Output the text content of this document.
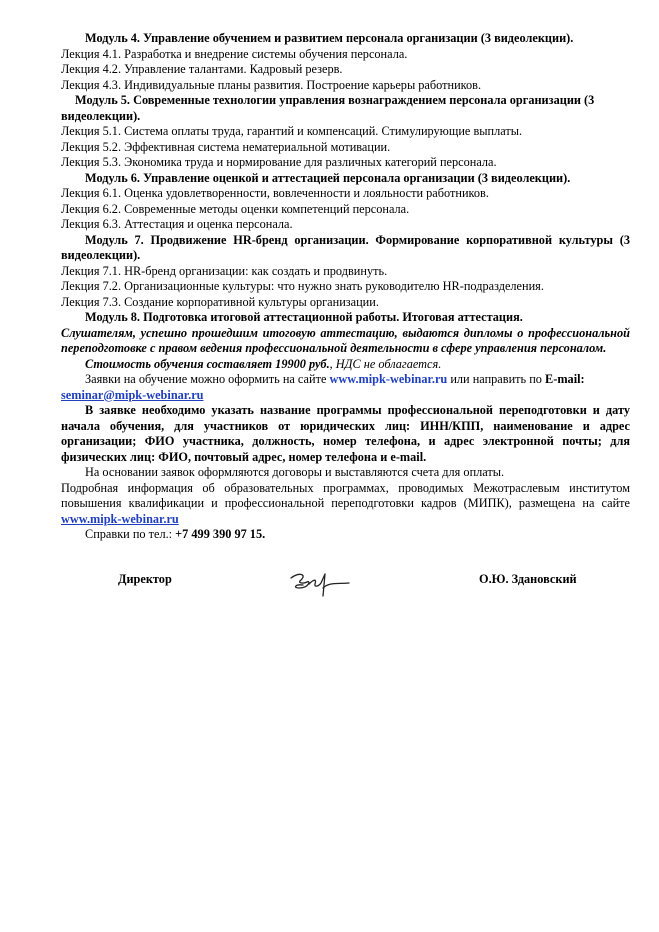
Модуль 4. Управление обучением и развитием персонала организации (3 видеолекции).
Лекция 4.1. Разработка и внедрение системы обучения персонала.
Лекция 4.2. Управление талантами. Кадровый резерв.
Лекция 4.3. Индивидуальные планы развития. Построение карьеры работников.
Модуль 5. Современные технологии управления вознаграждением персонала организации (3 видеолекции).
Лекция 5.1. Система оплаты труда, гарантий и компенсаций. Стимулирующие выплаты.
Лекция 5.2. Эффективная система нематериальной мотивации.
Лекция 5.3. Экономика труда и нормирование для различных категорий персонала.
Модуль 6. Управление оценкой и аттестацией персонала организации (3 видеолекции).
Лекция 6.1. Оценка удовлетворенности, вовлеченности и лояльности работников.
Лекция 6.2. Современные методы оценки компетенций персонала.
Лекция 6.3. Аттестация и оценка персонала.
Модуль 7. Продвижение HR-бренд организации. Формирование корпоративной культуры (3 видеолекции).
Лекция 7.1. HR-бренд организации: как создать и продвинуть.
Лекция 7.2. Организационные культуры: что нужно знать руководителю HR-подразделения.
Лекция 7.3. Создание корпоративной культуры организации.
Модуль 8. Подготовка итоговой аттестационной работы. Итоговая аттестация.
Слушателям, успешно прошедшим итоговую аттестацию, выдаются дипломы о профессиональной переподготовке с правом ведения профессиональной деятельности в сфере управления персоналом.
Стоимость обучения составляет 19900 руб., НДС не облагается.
Заявки на обучение можно оформить на сайте www.mipk-webinar.ru или направить по E-mail:
seminar@mipk-webinar.ru
В заявке необходимо указать название программы профессиональной переподготовки и дату начала обучения, для участников от юридических лиц: ИНН/КПП, наименование и адрес организации; ФИО участника, должность, номер телефона, и адрес электронной почты; для физических лиц: ФИО, почтовый адрес, номер телефона и e-mail.
На основании заявок оформляются договоры и выставляются счета для оплаты.
Подробная информация об образовательных программах, проводимых Межотраслевым институтом повышения квалификации и профессиональной переподготовки кадров (МИПК), размещена на сайте www.mipk-webinar.ru
Справки по тел.: +7 499 390 97 15.
Директор	О.Ю. Здановский
